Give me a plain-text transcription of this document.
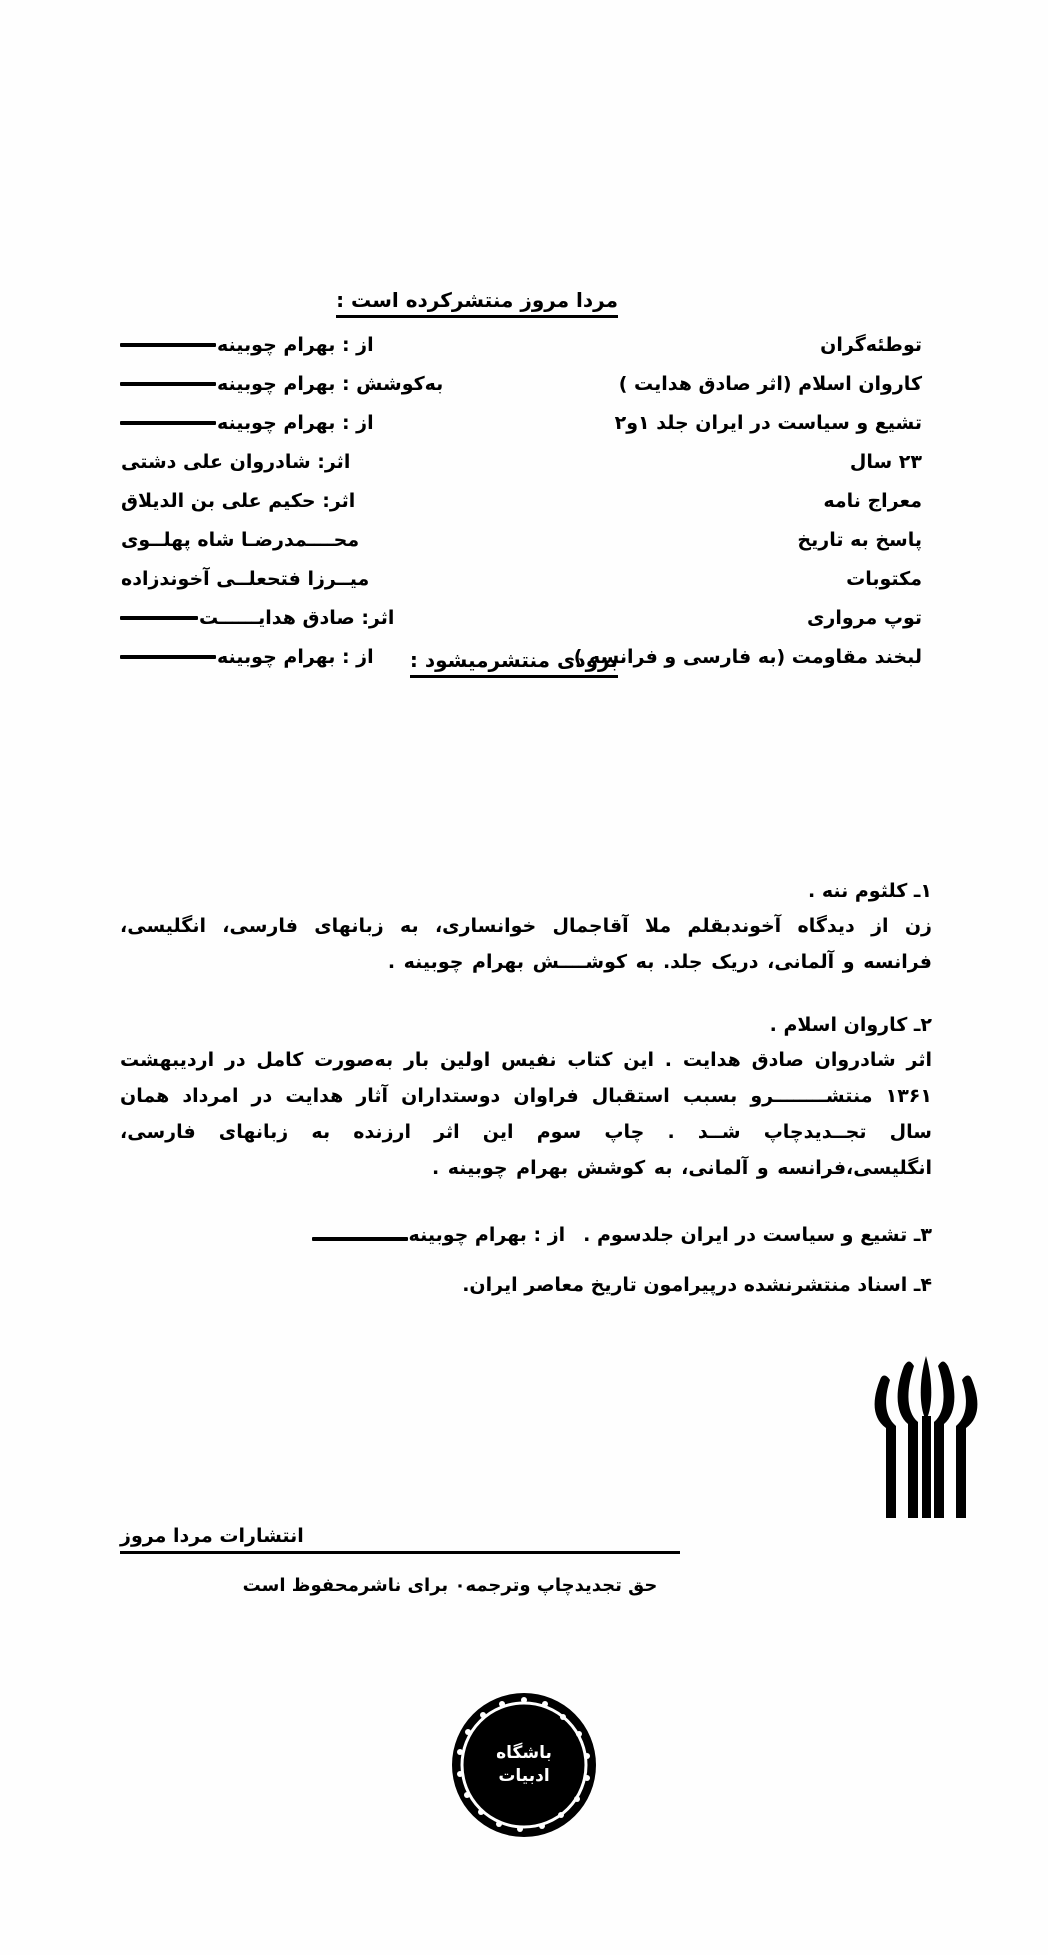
مردا مروز منتشرکرده است :
توطئه‌گران
از : بهرام چوبینه
کاروان اسلام (اثر صادق هدایت )
به‌کوشش : بهرام چوبینه
تشیع و سیاست در ایران جلد ۱و۲
از : بهرام چوبینه
۲۳ سال
اثر: شادروان علی دشتی
معراج نامه
اثر: حکیم علی بن الدیلاق
پاسخ به تاریخ
محــــمدرضـا شاه پهلــوی
مکتوبات
میــرزا فتحعلــی آخوندزاده
توپ مرواری
اثر: صادق هدایــــــت
لبخند مقاومت (به فارسی و فرانسه )
از : بهرام چوبینه بزودی منتشرمیشود :
۱ـ کلثوم ننه .
زن از دیدگاه آخوندبقلم ملا آقاجمال خوانساری، به زبانهای فارسی، انگلیسی، فرانسه و آلمانی، دریک جلد. به کوشــــش بهرام چوبینه .
۲ـ کاروان اسلام .
اثر شادروان صادق هدایت . این کتاب نفیس اولین بار به‌صورت کامل در اردیبهشت ۱۳۶۱ منتشــــــــرو بسبب استقبال فراوان دوستداران آثار هدایت در امرداد همان سال تجــدیدچاپ شــد . چاپ سوم این اثر ارزنده به زبانهای فارسی، انگلیسی،فرانسه و آلمانی، به کوشش بهرام چوبینه .
۳ـ تشیع و سیاست در ایران جلدسوم .
از : بهرام چوبینه
۴ـ اسناد منتشرنشده درپیرامون تاریخ معاصر ایران.
انتشارات مردا مروز
حق تجدیدچاپ وترجمه٠ برای ناشرمحفوظ است
باشگاه
ادبیات
